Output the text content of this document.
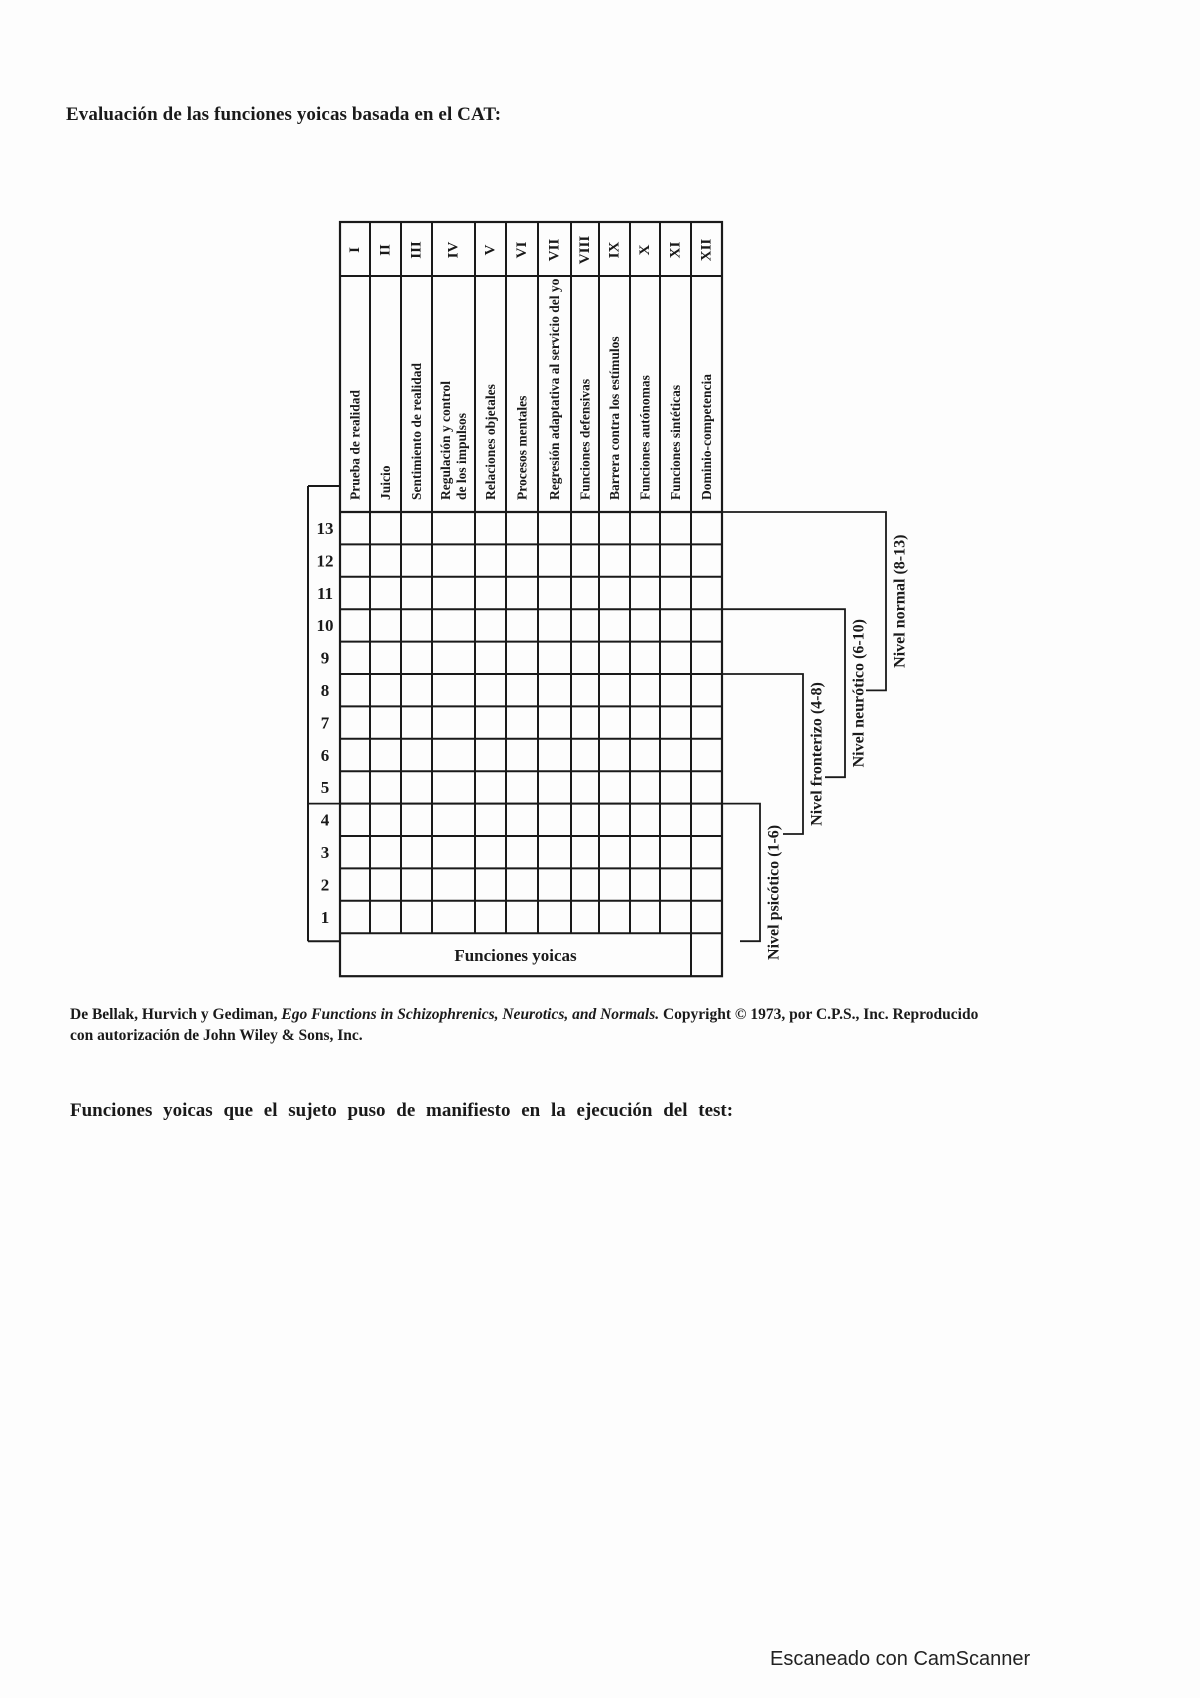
Evaluación de las funciones yoicas basada en el CAT:
13
12
11
10
9
8
7
6
5
4
3
2
1
I
Prueba de realidad
II
Juicio
III
Sentimiento de realidad
IV
Regulación y control de los impulsos
V
Relaciones objetales
VI
Procesos mentales
VII
Regresión adaptativa al servicio del yo
VIII
Funciones defensivas
IX
Barrera contra los estímulos
X
Funciones autónomas
XI
Funciones sintéticas
XII
Dominio-competencia
Funciones yoicas	Nivel psicótico (1-6)
Nivel fronterizo (4-8) Nivel neurótico (6-10)
Nivel normal (8-13)
De Bellak, Hurvich y Gediman, Ego Functions in Schizophrenics, Neurotics, and Normals. Copyright © 1973, por C.P.S., Inc. Reproducido
con autorización de John Wiley & Sons, Inc.
Funciones yoicas que el sujeto puso de manifiesto en la ejecución del test:
Escaneado con CamScanner
